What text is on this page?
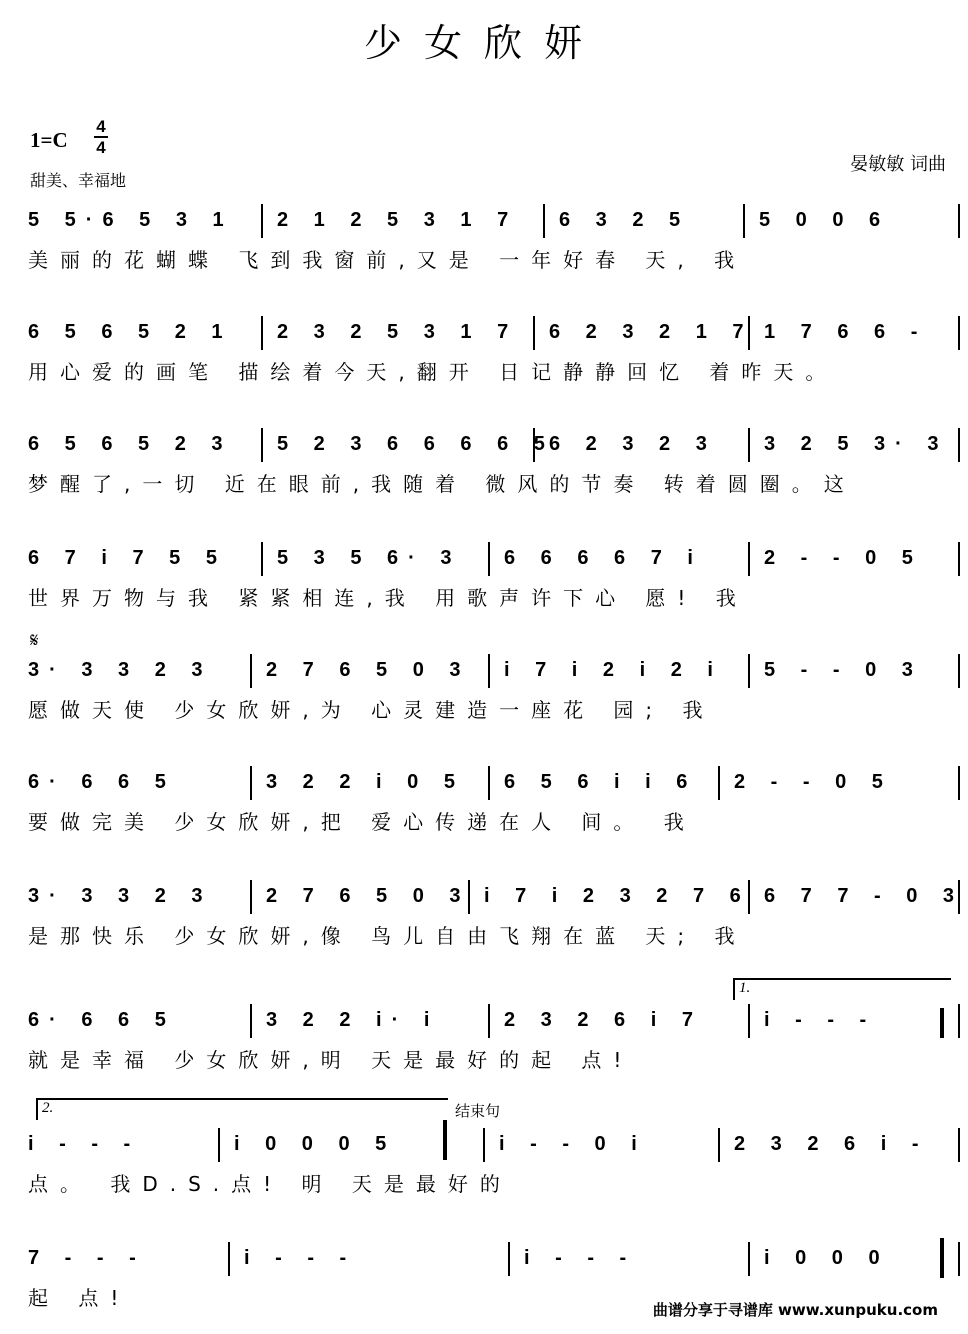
少女欣妍
1=C
4
4
甜美、幸福地
晏敏敏 词曲
𝄋
5 5·6 5 3 1	2 1 2 5 3 1 7	6 3 2 5	5 0 0 6
美丽的花蝴蝶 飞到我窗前,又是 一年好春 天, 我
6 5 6 5 2 1	2 3 2 5 3 1 7	6 2 3 2 1 7 1 7 6 6 -
用心爱的画笔 描绘着今天,翻开 日记静静回忆 着昨天。
6 5 6 5 2 3	5 2 3 6 6 6 6 5
6 2 3 2 3	3 2 5 3· 3
梦醒了,一切 近在眼前,我随着 微风的节奏 转着圆圈。这
6 7 i 7 5 5	5 3 5 6· 3	6 6 6 6 7 i	2 - - 0 5
世界万物与我 紧紧相连,我 用歌声许下心 愿! 我
3· 3 3 2 3	2 7 6 5 0 3	i 7 i 2 i 2 i	5 - - 0 3
愿做天使 少女欣妍,为 心灵建造一座花 园; 我
6· 6 6 5	3 2 2 i 0 5	6 5 6 i i 6	2 - - 0 5
要做完美 少女欣妍,把 爱心传递在人 间。 我
3· 3 3 2 3	2 7 6 5 0 3 i 7 i 2 3 2 7 6 6 7 7 - 0 3
是那快乐 少女欣妍,像 鸟儿自由飞翔在蓝 天; 我
6· 6 6 5	3 2 2 i· i	2 3 2 6 i 7	i - - -
就是幸福 少女欣妍,明 天是最好的起 点!
i - - -	i 0 0 0 5	i - - 0 i	2 3 2 6 i -
点。 我D.S.点! 明 天是最好的
7 - - -	i - - -	i - - -	i 0 0 0
起 点!
1.
2.	结束句
曲谱分享于寻谱库 www.xunpuku.com
